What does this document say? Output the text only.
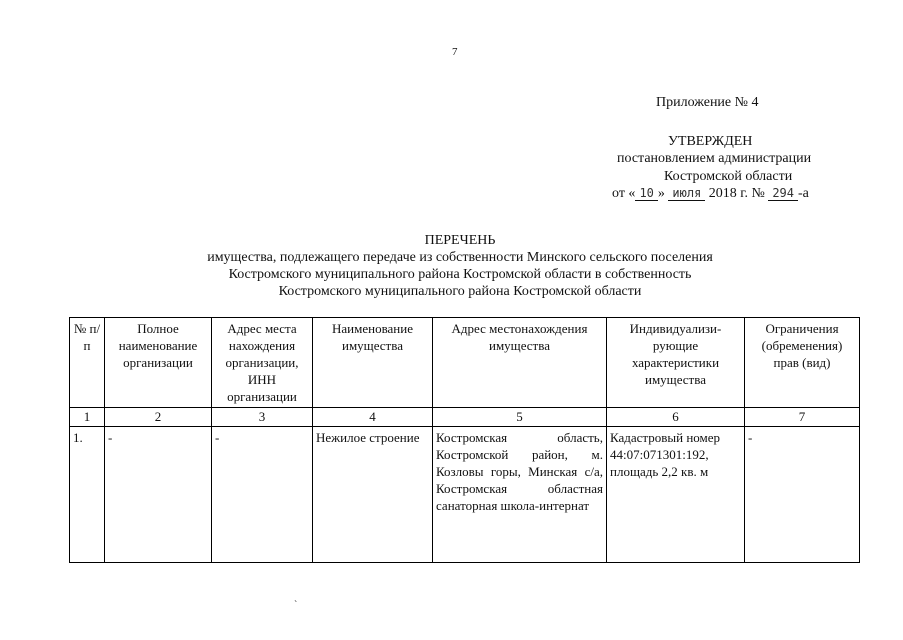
7
Приложение № 4
УТВЕРЖДЕН
постановлением администрации
Костромской области
от « 10 » июля 2018 г. № 294 -а
ПЕРЕЧЕНЬ
имущества, подлежащего передаче из собственности Минского сельского поселения
Костромского муниципального района Костромской области в собственность
Костромского муниципального района Костромской области
№ п/п	Полное наименование организации	Адрес места нахождения организации, ИНН организации	Наименование имущества	Адрес местонахождения имущества	Индивидуализи-рующие характеристики имущества	Ограничения (обременения) прав (вид)
1	2	3	4	5	6	7
1.	-	-	Нежилое строение	Костромская область, Костромской район, м. Козловы горы, Минская с/а, Костромская областная санаторная школа-интернат	Кадастровый номер 44:07:071301:192, площадь 2,2 кв. м	-
ˋ
